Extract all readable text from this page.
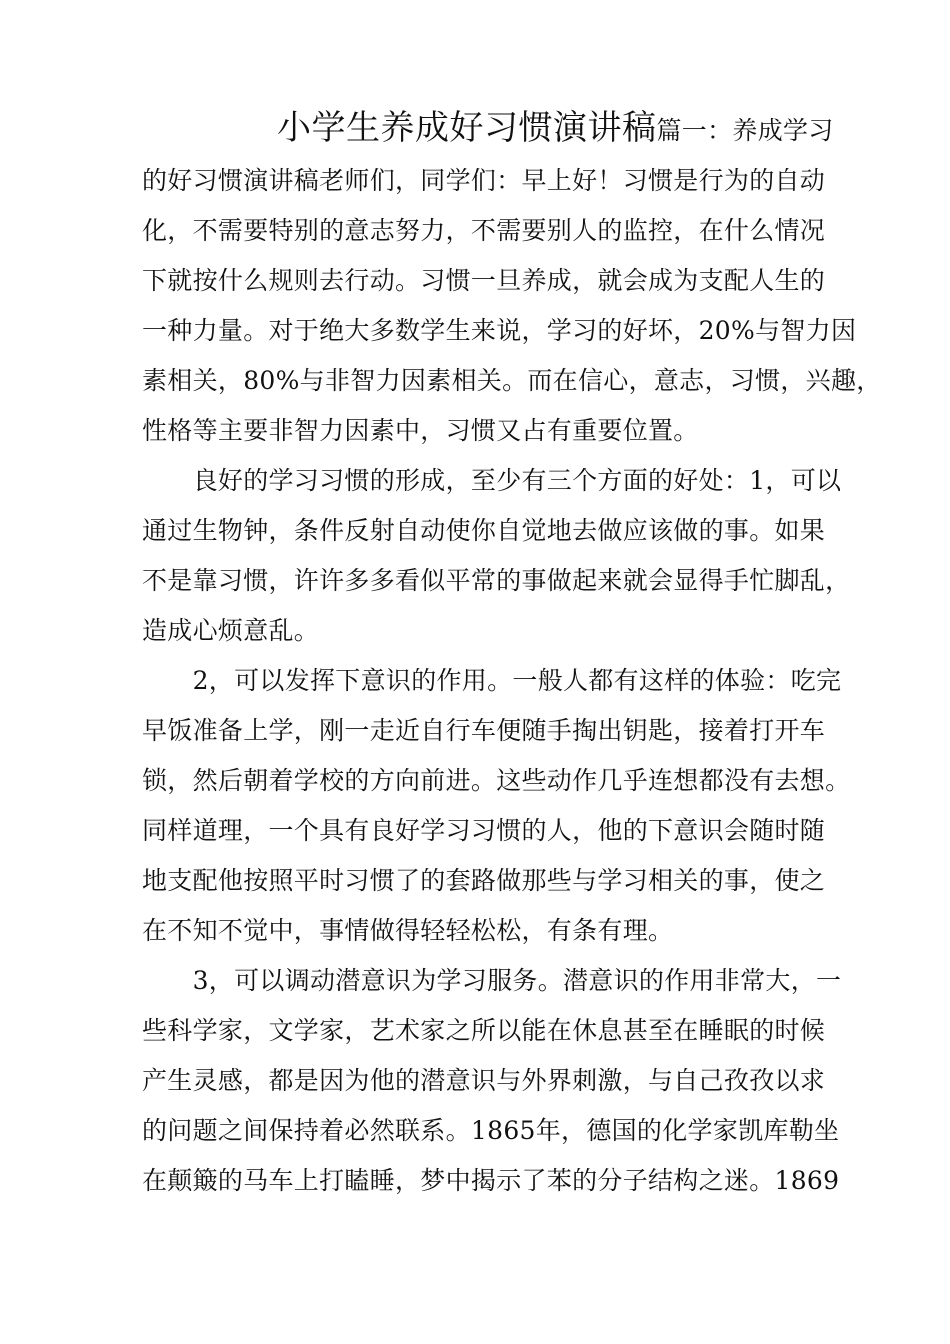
小学生养成好习惯演讲稿篇一：养成学习
的好习惯演讲稿老师们，同学们：早上好！习惯是行为的自动
化，不需要特别的意志努力，不需要别人的监控，在什么情况
下就按什么规则去行动。习惯一旦养成，就会成为支配人生的
一种力量。对于绝大多数学生来说，学习的好坏，20%与智力因
素相关，80%与非智力因素相关。而在信心，意志，习惯，兴趣，
性格等主要非智力因素中，习惯又占有重要位置。
　　良好的学习习惯的形成，至少有三个方面的好处：1，可以
通过生物钟，条件反射自动使你自觉地去做应该做的事。如果
不是靠习惯，许许多多看似平常的事做起来就会显得手忙脚乱，
造成心烦意乱。
　　2，可以发挥下意识的作用。一般人都有这样的体验：吃完
早饭准备上学，刚一走近自行车便随手掏出钥匙，接着打开车
锁，然后朝着学校的方向前进。这些动作几乎连想都没有去想。
同样道理，一个具有良好学习习惯的人，他的下意识会随时随
地支配他按照平时习惯了的套路做那些与学习相关的事，使之
在不知不觉中，事情做得轻轻松松，有条有理。
　　3，可以调动潜意识为学习服务。潜意识的作用非常大，一
些科学家，文学家，艺术家之所以能在休息甚至在睡眠的时候
产生灵感，都是因为他的潜意识与外界刺激，与自己孜孜以求
的问题之间保持着必然联系。1865年，德国的化学家凯库勒坐
在颠簸的马车上打瞌睡，梦中揭示了苯的分子结构之迷。1869
